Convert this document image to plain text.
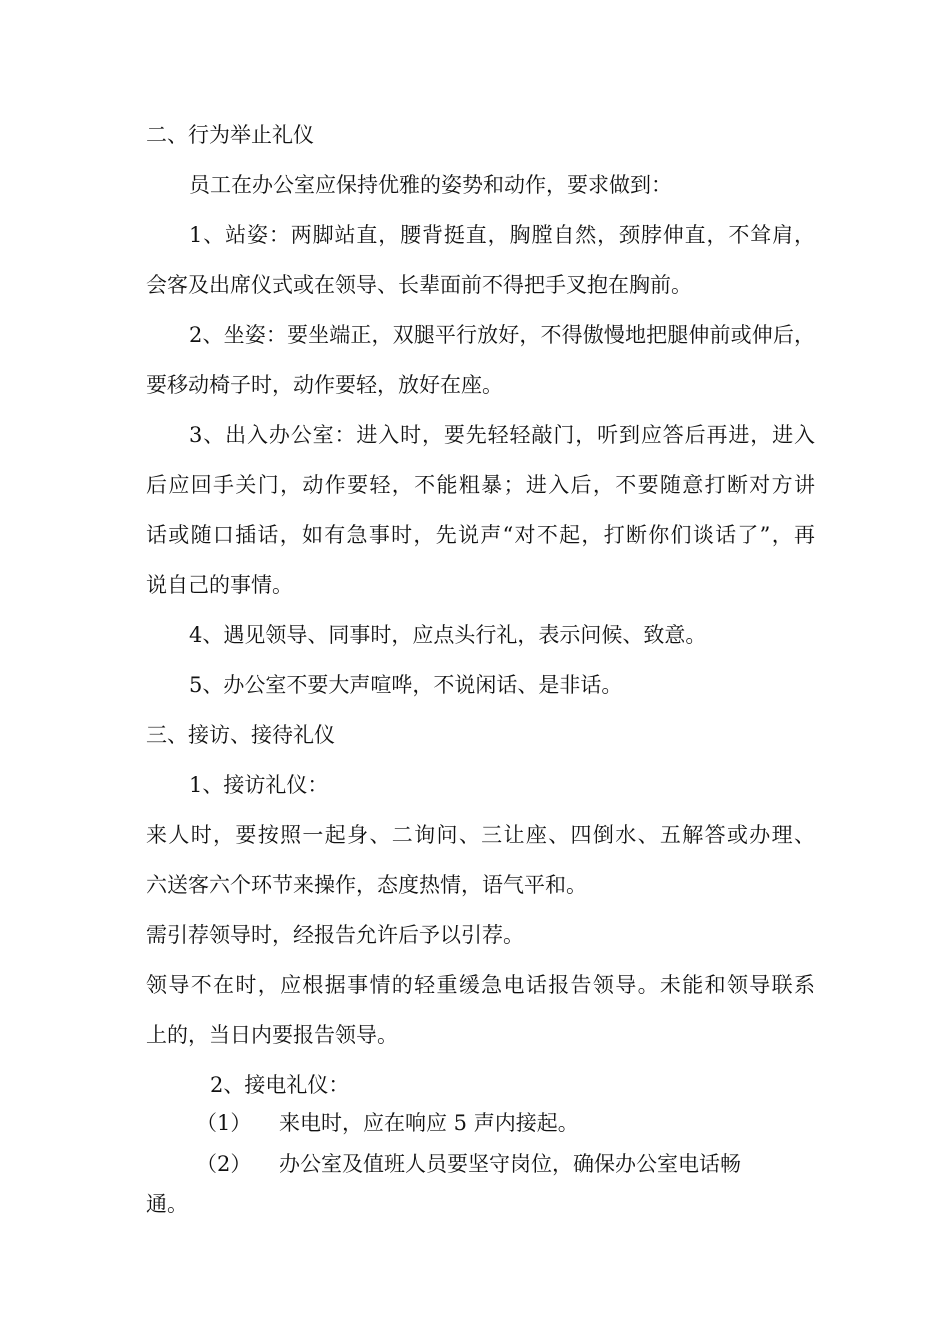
二、行为举止礼仪
员工在办公室应保持优雅的姿势和动作，要求做到：
1、站姿：两脚站直，腰背挺直，胸膛自然，颈脖伸直，不耸肩，
会客及出席仪式或在领导、长辈面前不得把手叉抱在胸前。
2、坐姿：要坐端正，双腿平行放好，不得傲慢地把腿伸前或伸后，
要移动椅子时，动作要轻，放好在座。
3、出入办公室：进入时，要先轻轻敲门，听到应答后再进，进入
后应回手关门，动作要轻，不能粗暴；进入后，不要随意打断对方讲
话或随口插话，如有急事时，先说声“对不起，打断你们谈话了”，再
说自己的事情。
4、遇见领导、同事时，应点头行礼，表示问候、致意。
5、办公室不要大声喧哗，不说闲话、是非话。
三、接访、接待礼仪
1、接访礼仪：
来人时，要按照一起身、二询问、三让座、四倒水、五解答或办理、
六送客六个环节来操作，态度热情，语气平和。
需引荐领导时，经报告允许后予以引荐。
领导不在时，应根据事情的轻重缓急电话报告领导。未能和领导联系
上的，当日内要报告领导。
2、接电礼仪：
（1） 来电时，应在响应 5 声内接起。
（2） 办公室及值班人员要坚守岗位，确保办公室电话畅
通。
